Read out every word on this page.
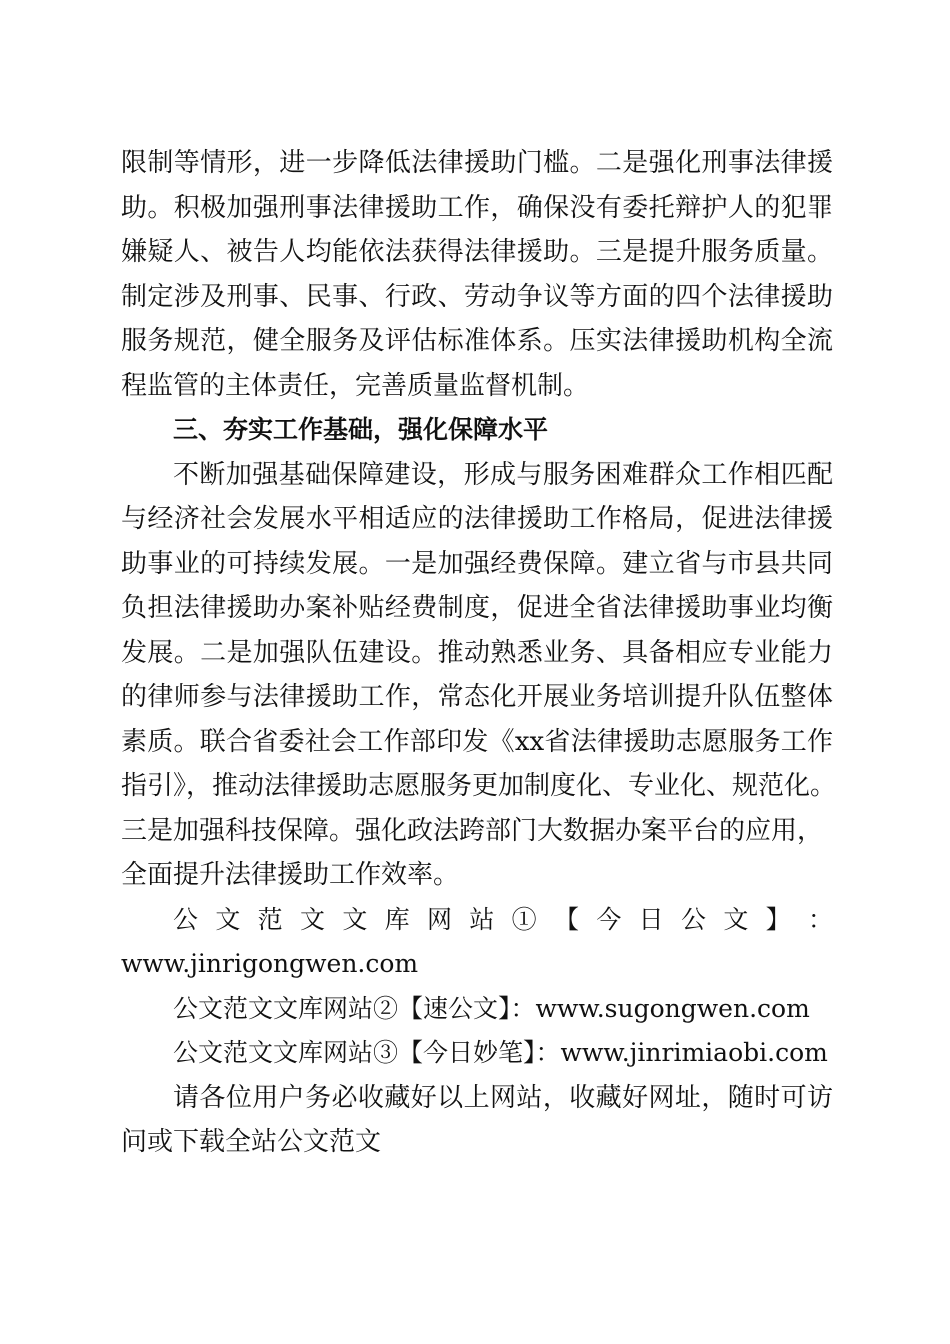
限制等情形，进一步降低法律援助门槛。二是强化刑事法律援
助。积极加强刑事法律援助工作，确保没有委托辩护人的犯罪
嫌疑人、被告人均能依法获得法律援助。三是提升服务质量。
制定涉及刑事、民事、行政、劳动争议等方面的四个法律援助
服务规范，健全服务及评估标准体系。压实法律援助机构全流
程监管的主体责任，完善质量监督机制。
三、夯实工作基础，强化保障水平
不断加强基础保障建设，形成与服务困难群众工作相匹配
与经济社会发展水平相适应的法律援助工作格局，促进法律援
助事业的可持续发展。一是加强经费保障。建立省与市县共同
负担法律援助办案补贴经费制度，促进全省法律援助事业均衡
发展。二是加强队伍建设。推动熟悉业务、具备相应专业能力
的律师参与法律援助工作，常态化开展业务培训提升队伍整体
素质。联合省委社会工作部印发《xx省法律援助志愿服务工作
指引》，推动法律援助志愿服务更加制度化、专业化、规范化。
三是加强科技保障。强化政法跨部门大数据办案平台的应用，
全面提升法律援助工作效率。
公 文 范 文 文 库 网 站 ① 【 今 日 公 文 】 ：
www.jinrigongwen.com
公文范文文库网站②【速公文】：www.sugongwen.com
公文范文文库网站③【今日妙笔】：www.jinrimiaobi.com
请各位用户务必收藏好以上网站，收藏好网址，随时可访
问或下载全站公文范文
